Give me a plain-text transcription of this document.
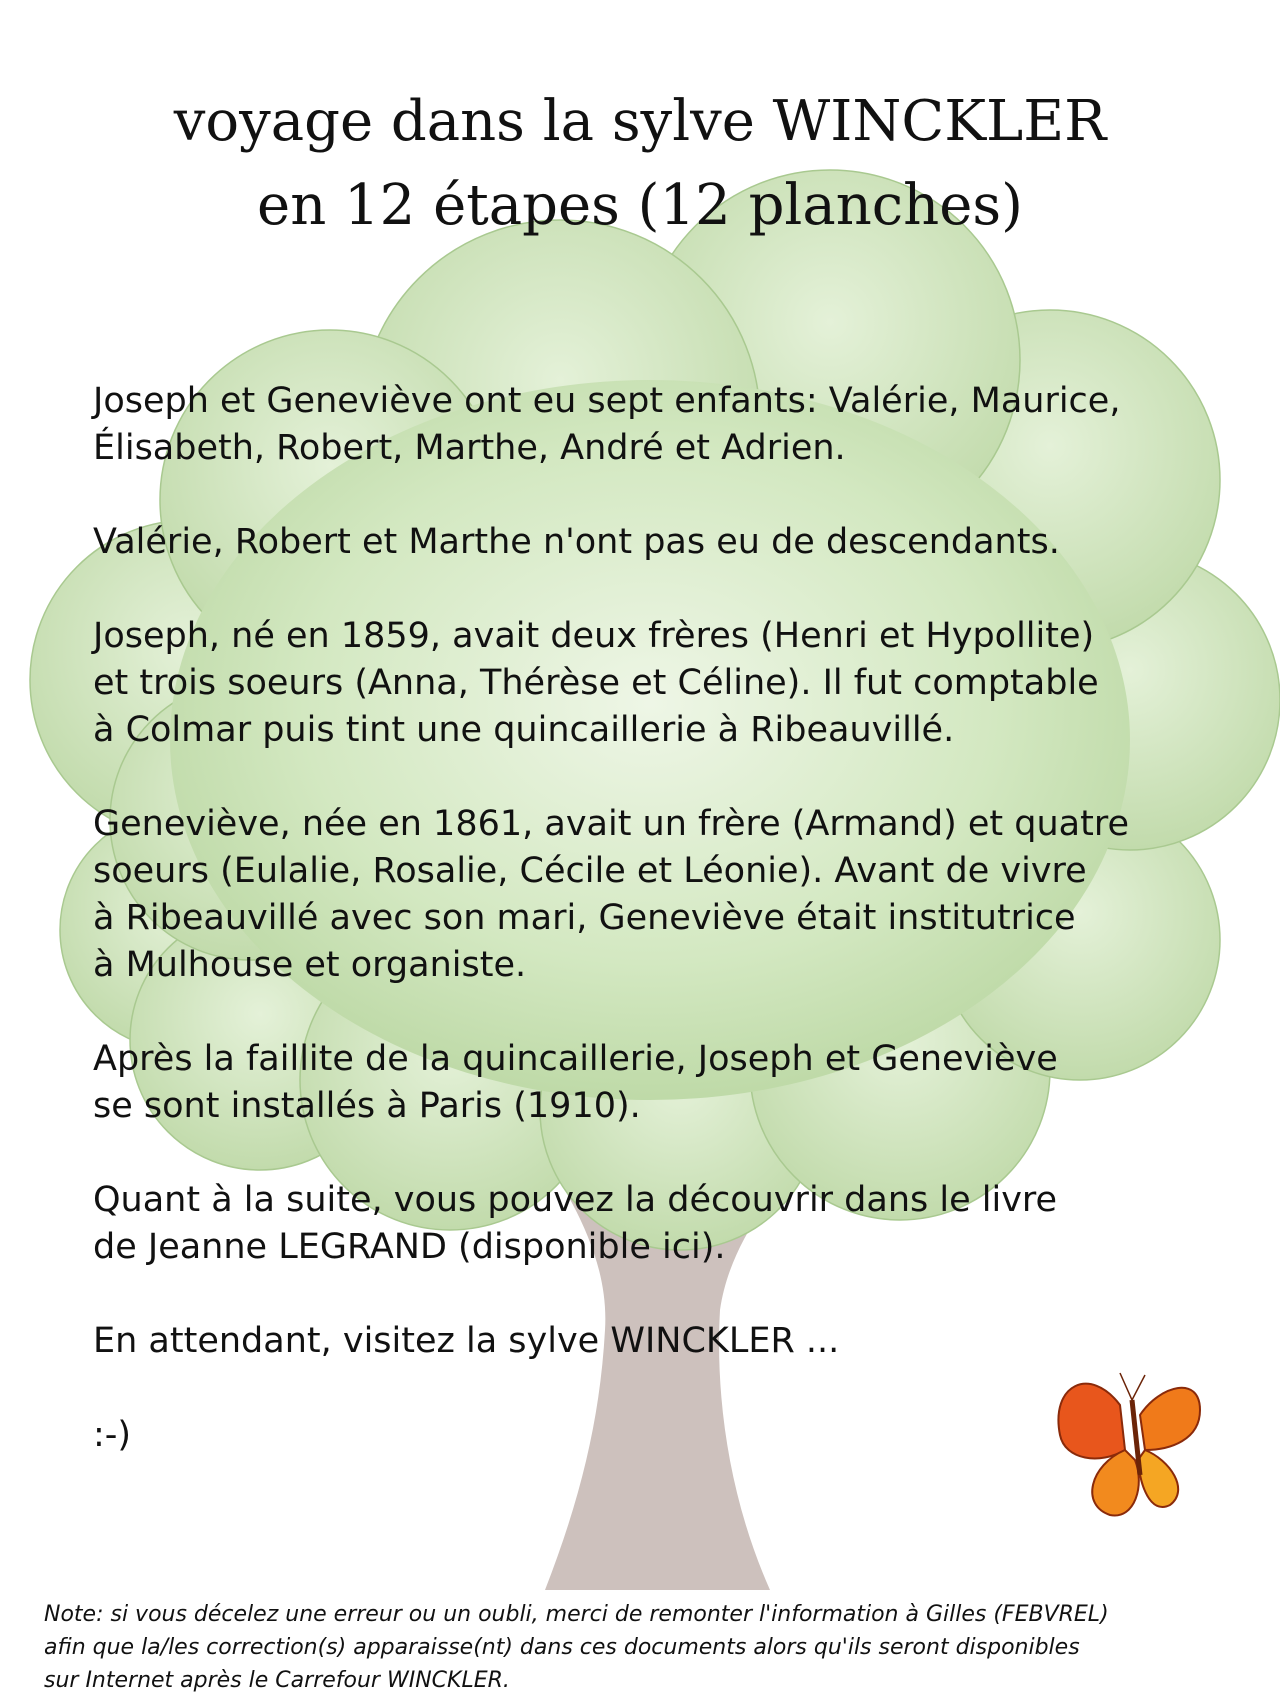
voyage dans la sylve WINCKLER
en 12 étapes (12 planches)

Joseph et Geneviève ont eu sept enfants: Valérie, Maurice,
Élisabeth, Robert, Marthe, André et Adrien.

Valérie, Robert et Marthe n'ont pas eu de descendants.

Joseph, né en 1859, avait deux frères (Henri et Hypollite)
et trois soeurs (Anna, Thérèse et Céline). Il fut comptable
à Colmar puis tint une quincaillerie à Ribeauvillé.

Geneviève, née en 1861, avait un frère (Armand) et quatre
soeurs (Eulalie, Rosalie, Cécile et Léonie). Avant de vivre
à Ribeauvillé avec son mari, Geneviève était institutrice
à Mulhouse et organiste.

Après la faillite de la quincaillerie, Joseph et Geneviève
se sont installés à Paris (1910).

Quant à la suite, vous pouvez la découvrir dans le livre
de Jeanne LEGRAND (disponible ici).

En attendant, visitez la sylve WINCKLER ...

:-)

Note: si vous décelez une erreur ou un oubli, merci de remonter l'information à Gilles (FEBVREL)
afin que la/les correction(s) apparaisse(nt) dans ces documents alors qu'ils seront disponibles
sur Internet après le Carrefour WINCKLER.
